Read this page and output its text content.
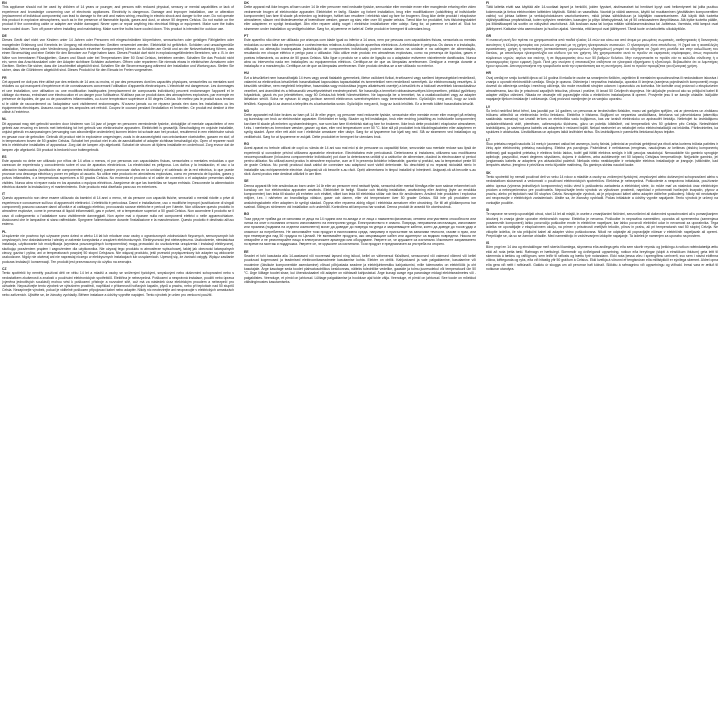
EN
This appliance should not be used by children of 14 years or younger, and persons with reduced physical, sensory or mental capabilities or lack of experience and knowledge concerning use of electronic appliances. Electricity is dangerous. Damage and improper installation, use or alteration (replacement of individual components) can lead to damage to the unit and mains wiring, resulting in electric shock and danger to the user. Do not operate this product in explosive atmospheres, such as in the presence of flammable liquids, gases and dust, or above 50 degrees Celsius. Do not switch on the product if the connecting cable or adapter are visible damaged. Never open or repair anything into electrical fittings or equipment. Make sure the bulbs have cooled down. Turn off power when installing and maintaining. Make sure the bulbs have cooled down. This product is intended for outdoor use.
DE
Dieses Gerät darf nicht von Kindern unter 14 Jahren oder Personen mit eingeschränkten körperlichen, sensorischen oder geistigen Fähigkeiten oder mangelnder Erfahrung und Kenntnis im Umgang mit elektronischen Geräten verwendet werden. Elektrizität ist gefährlich. Schäden und unsachgemäße Installation, Verwendung oder Veränderung (Austausch einzelner Komponenten) können zu Schäden am Gerät und an der Netzverkabelung führen, was einen Stromschlag und eine Gefahr für den Benutzer zur Folge haben kann. Dieses Produkt darf nicht in explosionsgefährdeten Bereichen, wie z. B. in der Nähe von brennbaren Flüssigkeiten, Gasen und Staub oder bei Temperaturen über 50 Grad Celsius, betrieben werden. Schalten Sie das Produkt nicht ein, wenn das Anschlusskabel oder der Adapter sichtbare Schäden aufweisen. Öffnen oder reparieren Sie niemals etwas in elektrischen Armaturen oder Geräten. Stellen Sie sicher, dass die Leuchtmittel abgekühlt sind. Schalten Sie die Stromversorgung während der Installation und Wartung aus. Stellen Sie sicher, dass die Glühbirnen abgekühlt sind. Dieses Produkt ist für den Einsatz im Freien vorgesehen.
FR
Cet appareil ne doit pas être utilisé par des enfants de 14 ans ou moins, ni par des personnes dont les capacités physiques, sensorielles ou mentales sont réduites ou qui manquent d'expérience et de connaissances concernant l'utilisation d'appareils électroniques. L'électricité est dangereuse. Les dommages et une installation, une utilisation ou une modification inadéquates (remplacement de composants individuels) peuvent endommager l'appareil et le câblage du réseau, entraînant une électrocution et un danger pour l'utilisateur. N'utilisez pas ce produit dans des atmosphères explosives, par exemple en présence de liquides, de gaz ou de poussières inflammables, ou à une température supérieure à 50 degrés Celsius. Ne mettez pas le produit sous tension si le câble de raccordement ou l'adaptateur sont visiblement endommagés. N'ouvrez jamais ou ne réparez jamais rien dans les installations ou les équipements électriques. Assurez-vous que les ampoules ont refroidi. Coupez le courant pendant l'installation et l'entretien. Ce produit est destiné à être utilisé à l'extérieur.
NL
Dit apparaat mag niet gebruikt worden door kinderen van 14 jaar of jonger en personen verminderde fysieke, zintuiglijke of mentale capaciteiten of een gebrek aan ervaring en kennis met betrekking tot het gebruik van elektronische apparaten. Elektriciteit is gevaarlijk. Beschadiging en onjuiste installatie, onjuist gebruik en aanpassingen (vervanging van afzonderlijke onderdelen) kunnen leiden tot schade aan het product, resulterend in een elektrische schok en gevaar voor de gebruiker. Gebruik dit product niet in explosieve omgevingen, zoals in de aanwezigheid van ontvlambare vloeistoffen, gassen en stof, of in temperaturen boven de 50 graden Celsius. Schakel het product niet in als de aansluitkabel of adapter zichtbaar beschadigd zijn. Open of repareer nooit iets in elektrische installaties of apparatuur. Zorg dat de lampen zijn afgekoeld. Schakel de stroom uit tijdens installatie en onderhoud. Zorg ervoor dat de lampen zijn afgekoeld. Dit product is bedoeld voor buitengebruik.
ES
Este aparato no debe ser utilizado por niños de 14 años o menos, ni por personas con capacidades físicas, sensoriales o mentales reducidas o que carezcan de experiencia y conocimiento sobre el uso de aparatos electrónicos. La electricidad es peligrosa. Los daños y la instalación, el uso o la alteración inadecuados (sustitución de componentes individuales) pueden provocar daños en la unidad y el cableado de la red eléctrica, lo que puede provocar una descarga eléctrica y poner en peligro al usuario. No utilice este producto en atmósferas explosivas, como en presencia de líquidos, gases y polvos inflamables, o a temperaturas superiores a 50 grados Celsius. No encienda el producto si el cable de conexión o el adaptador presentan daños visibles. Nunca abra ni repare nada en los aparatos o equipos eléctricos. Asegúrese de que las bombillas se hayan enfriado. Desconecte la alimentación eléctrica durante la instalación y el mantenimiento. Este producto está diseñado para uso en exteriores.
IT
Questo apparecchio non deve essere utilizzato da bambini di 14 anni o meno, né da persone con capacità fisiche, sensoriali o mentali ridotte o prive di esperienza e conoscenze sull'uso di apparecchi elettronici. L'elettricità è pericolosa. Danni e installazione, uso o modifiche impropri (sostituzione di singoli componenti) possono causare danni all'unità e al cablaggio elettrico, provocando scosse elettriche e pericoli per l'utente. Non utilizzare questo prodotto in atmosfere esplosive, come in presenza di liquidi infiammabili, gas e polveri, né a temperature superiori a 50 gradi Celsius. Non accendere il prodotto se il cavo di collegamento o l'adattatore sono visibilmente danneggiati. Non aprire mai o riparare nulla nei componenti elettrici o nelle apparecchiature. Assicurarsi che le lampadine si siano raffreddate. Spegnere l'alimentazione durante l'installazione e la manutenzione. Questo prodotto è destinato all'uso esterno.
PL
Urządzenie nie powinno być używane przez dzieci w wieku 14 lat lub młodsze oraz osoby o ograniczonych zdolnościach fizycznych, sensorycznych lub umysłowych, bez doświadczenia i wiedzy w zakresie korzystania z urządzeń elektronicznych. Elektryczność jest niebezpieczna. Uszkodzenie, niewłaściwa instalacja, użytkowanie lub modyfikacja (wymiana poszczególnych komponentów) mogą prowadzić do uszkodzenia urządzenia i instalacji elektrycznej, skutkując porażeniem prądem i zagrożeniem dla użytkownika. Nie używaj tego produktu w atmosferze wybuchowej, takiej jak obecność łatwopalnych cieczy, gazów i pyłów, ani w temperaturach powyżej 50 stopni Celsjusza. Nie włączaj produktu, jeśli przewód przyłączeniowy lub adapter są widocznie uszkodzone. Nigdy nie otwieraj ani nie naprawiaj niczego w elektrycznych instalacjach lub urządzeniach. Upewnij się, że żarówki ostygły. Wyłącz zasilanie podczas instalacji i konserwacji. Ten produkt jest przeznaczony do użytku na zewnątrz.
CZ
Tento spotřebič by neměly používat děti ve věku 14 let a mladší a osoby se sníženými fyzickými, smyslovými nebo duševními schopnostmi nebo s nedostatkem zkušeností a znalostí o používání elektronických spotřebičů. Elektřina je nebezpečná. Poškození a nesprávná instalace, použití nebo úprava (výměna jednotlivých součástí) mohou vést k poškození přístroje a rozvodné sítě, což má za následek úraz elektrickým proudem a nebezpečí pro uživatele. Nepoužívejte tento výrobek ve výbušném prostředí, například v přítomnosti hořlavých kapalin, plynů a prachu, nebo při teplotách nad 50 stupňů Celsia. Nezapínejte výrobek, pokud je viditelně poškozen připojovací kabel nebo adaptér. Nikdy nic neotevírejte ani neopravujte v elektrických armaturách nebo zařízeních. Ujistěte se, že žárovky vychladly. Během instalace a údržby vypněte napájení. Tento výrobek je určen pro venkovní použití.
DK
Dette apparat må ikke bruges af børn under 14 år eller personer med nedsatte fysiske, sensoriske eller mentale evner eller manglende erfaring eller viden vedrørende brugen af elektroniske apparater. Elektricitet er farlig. Skader og forkert installation, brug eller modifikationer (udskiftning af individuelle komponenter) kan føre til skade på enheden og ledninger, hvilket kan resultere i elektrisk stød og fare for brugeren. Brug ikke dette produkt i eksplosive atmosfærer, såsom ved tilstedeværelse af brændbare væsker, gasser og støv, eller over 50 grader celsius. Tænd ikke for produktet, hvis tilslutningskablet eller adapteren er synligt beskadiget. Åbn eller reparer aldrig noget i elektriske installationer eller udstyr. Sørg for, at pærerne er kølet af. Sluk for strømmen under installation og vedligeholdelse. Sørg for, at pærerne er kølet af. Dette produkt er beregnet til udendørs brug.
PT
Este aparelho não deve ser utilizado por crianças com idade igual ou inferior a 14 anos, nem por pessoas com capacidades físicas, sensoriais ou mentais reduzidas ou sem falta de experiência e conhecimentos relativos à utilização de aparelhos eletrónicos. A eletricidade é perigosa. Os danos e a instalação, utilização ou alteração inadequadas (substituição de componentes individuais) podem causar danos na unidade e na cablagem de alimentação, resultando em choque elétrico e perigo para o utilizador. Não utilize este produto em atmosferas explosivas, como na presença de líquidos, gases e poeiras inflamáveis, ou acima de 50 graus Celsius. Não ligue o produto se o cabo de ligação ou o adaptador estiverem visivelmente danificados. Nunca abra ou intervenha nada em instalações ou equipamentos elétricos. Certifique-se de que as lâmpadas arrefeceram. Desligue a energia durante a instalação e a manutenção. Certifique-se de que as lâmpadas arrefeceram. Este produto destina-se a ser utilizado no exterior.
HU
Ezt a készüléket nem használhatják 14 éves vagy annál fiatalabb gyermekek, illetve csökkent fizikai, érzékszervi vagy szellemi képességekkel rendelkező, valamint az elektronikus készülékek használatával kapcsolatos tapasztalattal és ismeretekkel nem rendelkező személyek. Az elektromosság veszélyes. A készülék sérülése, nem megfelelő telepítése, használata vagy módosítása (egyes alkatrészek cseréje) a készülék és a hálózati vezetékek károsodásához vezethet, ami áramütést és a felhasználó veszélyeztetését eredményezheti. Ne használja a terméket robbanásveszélyes környezetben, például gyúlékony folyadékok, gázok és por jelenlétében, vagy 50 Celsius-fok feletti hőmérsékleten. Ne kapcsolja be a terméket, ha a csatlakozókábel vagy az adapter láthatóan sérült. Soha ne nyisson ki vagy javítson semmit elektromos szerelvényekben vagy berendezésekben. Győződjön meg arról, hogy az izzók lehűltek. Kapcsolja ki az áramot a telepítés és a karbantartás során. Győződjön meg arról, hogy az izzók lehűltek. Ez a termék kültéri használatra készült.
NO
Dette apparatet må ikke brukes av barn på 14 år eller yngre, og personer med reduserte fysiske, sensoriske eller mentale evner eller mangel på erfaring og kunnskap om bruk av elektroniske apparater. Elektrisitet er farlig. Skader og feil installasjon, bruk eller endring (utskifting av individuelle komponenter) kan føre til skade på enheten og strømledningen, noe som kan føre til elektrisk støt og fare for brukeren. Ikke bruk dette produktet i eksplosive atmosfærer, f.eks. i nærheten av brennbare væsker, gasser og støv, eller ved temperaturer over 50 °C. Ikke slå på produktet hvis tilkoblingskabelen eller adapteren er synlig skadet. Åpne eller rett aldri noe i elektriske armaturer eller utstyr. Sørg for at lyspærene har kjølt seg ned. Slå av strømmen ved installasjon og vedlikehold. Sørg for at lyspærene er avkjølt. Dette produktet er beregnet for utendørs bruk.
RO
Acest aparat nu trebuie utilizat de copii cu vârsta de 14 ani sau mai mici și de persoane cu capacități fizice, senzoriale sau mentale reduse sau lipsă de experiență și cunoștințe privind utilizarea aparatelor electronice. Electricitatea este periculoasă. Deteriorarea și instalarea, utilizarea sau modificarea necorespunzătoare (înlocuirea componentelor individuale) pot duce la deteriorarea unității și a cablurilor de alimentare, ducând la electrocutare și pericol pentru utilizator. Nu utilizați acest produs în atmosfere explozive, cum ar fi în prezența lichidelor inflamabile, gazelor și prafului, sau la temperaturi peste 50 de grade Celsius. Nu porniți produsul dacă cablul de conectare sau adaptorul sunt vizibil deteriorate. Nu deschideți și nu reparați niciodată nimic în instalațiile sau echipamentele electrice. Asigurați-vă că becurile s-au răcit. Opriți alimentarea în timpul instalării și întreținerii. Asigurați-vă că becurile s-au răcit. Acest produs este destinat utilizării în aer liber.
SE
Denna apparat får inte användas av barn under 14 år eller av personer med nedsatt fysisk, sensorisk eller mental förmåga eller som saknar erfarenhet och kunskap om hur elektroniska apparater används. Elektricitet är farligt. Skador och felaktig installation, användning eller ändring (byte av enskilda komponenter) kan leda till skador på enheten och elnätet, vilket kan leda till elektriska stötar och fara för användaren. Använd inte produkten i explosiva miljöer, t.ex. i närheten av brandfarliga vätskor, gaser och damm, eller vid temperaturer över 50 grader Celsius. Slå inte på produkten om anslutningskabeln eller adaptern är synligt skadad. Öppna eller reparera aldrig något i elektriska armaturer eller utrustning. Se till att glödlamporna har svalnat. Stäng av strömmen vid installation och underhåll. Kontrollera att lamporna har svalnat. Denna produkt är avsedd för utomhusbruk.
BG
Този уред не трябва да се използва от деца на 14 години или по-млади и от лица с намалени физически, сетивни или умствени способности или липса на опит и познания относно използването на електронни уреди. Електричеството е опасно. Повреда, неправилна инсталация, използване или промяна (подмяна на отделни компоненти) могат да доведат до повреда на уреда и захранващите кабели, което да доведе до токов удар и опасност за потребителя. Не използвайте този продукт в експлозивна среда, например в присъствие на запалими течности, газове и прах, или при температура над 50 градуса по Целзий. Не включвайте продукта, ако свързващият кабел или адаптерът са видимо повредени. Никога не отваряйте и не ремонтирайте нищо в електрическите арматури или оборудване. Уверете се, че крушките са изстинали. Изключете захранването по време на монтаж и поддръжка. Уверете се, че крушките са изстинали. Този продукт е предназначен за употреба на открито.
EE
Seadet ei tohi kasutada alla 14-aastased või nooremad lapsed ning isikud, kellel on vähenenud füüsilised, sensoorsed või vaimsed võimed või kellel puuduvad kogemused ja teadmised elektroonikaseadmete kasutamise kohta. Elekter on ohtlik. Kahjustused ja vale paigaldamine, kasutamine või muutmine (üksikute komponentide asendamine) võivad põhjustada seadme ja elektrijuhtmestiku kahjustumist, mille tulemuseks on elektrilöök ja oht kasutajale. Ärge kasutage seda toodet plahvatusohtlikus keskkonnas, näiteks tuleohtlike vedelike, gaaside ja tolmu juuresolekul või temperatuuril üle 50 °C. Ärge lülitage toodet sisse, kui ühenduskaabel või adapter on nähtavalt kahjustatud. Ärge kunagi avage ega parandage midagi elektriseadmetes või -paigaldistes. Veenduge, et pirnid on jahtunud. Lülitage paigaldamise ja hoolduse ajal toide välja. Veenduge, et pirnid on jahtunud. See toode on mõeldud välistingimustes kasutamiseks.
FI
Tätä laitetta eivät saa käyttää alle 14-vuotiaat lapset ja henkilöt, joiden fyysiset, aistinvaraiset tai henkiset kyvyt ovat heikentyneet tai joilta puuttuu kokemusta ja tietoa elektronisten laitteiden käytöstä. Sähkö on vaarallista. Vaurioit ja väärä asennus, käyttö tai muuttaminen (yksittäisten komponenttien vaihto) voi johtaa laitteen ja verkkojohdotuksen vaurioitumiseen, mikä johtaa sähköiskuun ja käyttäjän vaarantumiseen. Älä käytä tätä tuotetta räjähdysalttiissa ympäristössä, kuten syttyvien nesteiden, kaasujen ja pölyn läheisyydessä, tai yli 50 celsiusasteen lämpötilassa. Älä kytke tuotetta päälle, jos liitäntäkaapeli tai sovitin on näkyvästi vaurioitunut. Älä koskaan avaa tai korjaa mitään sähköasennuksissa tai -laitteissa. Varmista, että lamput ovat jäähtyneet. Katkaise virta asennuksen ja huollon ajaksi. Varmista, että lamput ovat jäähtyneet. Tämä tuote on tarkoitettu ulkokäyttöön.
GR
Η συσκευή αυτή δεν πρέπει να χρησιμοποιείται από παιδιά ηλικίας 14 ετών και κάτω και από άτομα με μειωμένες σωματικές, αισθητηριακές ή διανοητικές ικανότητες ή έλλειψη εμπειρίας και γνώσεων σχετικά με τη χρήση ηλεκτρονικών συσκευών. Ο ηλεκτρισμός είναι επικίνδυνος. Η ζημιά και η ακατάλληλη εγκατάσταση, χρήση ή τροποποίηση (αντικατάσταση μεμονωμένων εξαρτημάτων) μπορεί να οδηγήσει σε ζημιά στη μονάδα και στην καλωδίωση του δικτύου, με αποτέλεσμα ηλεκτροπληξία και κίνδυνο για τον χρήστη. Μη χρησιμοποιείτε αυτό το προϊόν σε εκρηκτικές ατμόσφαιρες, όπως παρουσία εύφλεκτων υγρών, αερίων και σκόνης, ή σε θερμοκρασίες άνω των 50 βαθμών Κελσίου. Μην ενεργοποιείτε το προϊόν εάν το καλώδιο σύνδεσης ή ο προσαρμογέας έχουν εμφανή ζημιά. Ποτέ μην ανοίγετε ή επισκευάζετε οτιδήποτε σε ηλεκτρικά εξαρτήματα ή εξοπλισμό. Βεβαιωθείτε ότι οι λαμπτήρες έχουν κρυώσει. Απενεργοποιήστε την τροφοδοσία κατά την εγκατάσταση και τη συντήρηση. Αυτό το προϊόν προορίζεται για εξωτερική χρήση.
HR
Ovaj uređaj ne smiju koristiti djeca od 14 godina ili mlađa te osobe sa smanjenim fizičkim, osjetilnim ili mentalnim sposobnostima ili nedostatkom iskustva i znanja o uporabi elektroničkih uređaja. Struja je opasna. Oštećenja i nepravilna instalacija, uporaba ili izmjena (zamjena pojedinačnih komponenti) mogu dovesti do oštećenja uređaja i mrežnog ožičenja, što može rezultirati strujnim udarom i opasnošću za korisnika. Ne koristite ovaj proizvod u eksplozivnim atmosferama, kao što je prisutnost zapaljivih tekućina, plinova i prašine, ili iznad 50 Celzijevih stupnjeva. Ne uključujte proizvod ako su priključni kabel ili adapter vidljivo oštećeni. Nikada ne otvarajte niti popravljajte ništa u električnim instalacijama ili opremi. Provjerite jesu li se žarulje ohladile. Isključite napajanje tijekom instalacije i održavanja. Ovaj proizvod namijenjen je za vanjsku uporabu.
LV
Šo ierīci nedrīkst lietot bērni, kas jaunāki par 14 gadiem, un personas ar ierobežotām fiziskām, maņu vai garīgām spējām, vai ar pieredzes un zināšanu trūkumu attiecībā uz elektronisko ierīču lietošanu. Elektrība ir bīstama. Bojājumi un nepareiza uzstādīšana, lietošana vai pārveidošana (atsevišķu sastāvdaļu nomaiņa) var izraisīt ierīces un elektrotīkla vadu bojājumus, kas var izraisīt elektrošoku un apdraudēt lietotāju. Nelietojiet šo izstrādājumu sprādzienbīstamā vidē, piemēram, uzliesmojošu šķidrumu, gāzu un putekļu klātbūtnē, vai temperatūrā virs 50 grādiem pēc Celsija. Neieslēdziet izstrādājumu, ja savienojuma kabelis vai adapteris ir redzami bojāti. Nekad neatveriet un nelabojiet neko elektroinstalācijā vai iekārtās. Pārliecinieties, ka spuldzes ir atdzisušas. Uzstādīšanas un apkopes laikā izslēdziet strāvu. Šis izstrādājums ir paredzēts lietošanai ārpus telpām.
LT
Šiuo prietaisu negali naudotis 14 metų ir jaunesni vaikai bei asmenys, kurių fiziniai, jutiminiai ar protiniai gebėjimai yra riboti arba kuriems trūksta patirties ir žinių apie elektroninių prietaisų naudojimą. Elektra yra pavojinga. Pažeidimai ir netinkamas įrengimas, naudojimas ar keitimas (atskirų komponentų keitimas) gali sugadinti prietaisą ir elektros tinklo laidus, todėl gali ištikti elektros smūgis ir kilti pavojus naudotojui. Nenaudokite šio gaminio sprogioje aplinkoje, pavyzdžiui, esant degiems skysčiams, dujoms ir dulkėms, arba aukštesnėje nei 50 laipsnių Celsijaus temperatūroje. Neįjunkite gaminio, jei jungiamasis kabelis ar adapteris yra akivaizdžiai pažeisti. Niekada nieko neatidarykite ir netaisykite elektros instaliacijoje ar įrangoje. Įsitikinkite, kad lemputės atvėso. Įrengimo ir priežiūros metu išjunkite maitinimą. Šis gaminys skirtas naudoti lauke.
SK
Tento spotrebič by nemali používať deti vo veku 14 rokov a mladšie a osoby so zníženými fyzickými, zmyslovými alebo duševnými schopnosťami alebo s nedostatkom skúseností a vedomostí o používaní elektronických spotrebičov. Elektrina je nebezpečná. Poškodenie a nesprávna inštalácia, používanie alebo úprava (výmena jednotlivých komponentov) môžu viesť k poškodeniu zariadenia a elektrickej siete, čo môže mať za následok úraz elektrickým prúdom a nebezpečenstvo pre používateľa. Nepoužívajte tento výrobok vo výbušnom prostredí, napríklad v prítomnosti horľavých kvapalín, plynov a prachu, alebo pri teplotách nad 50 stupňov Celzia. Nezapínajte výrobok, ak je pripojovací kábel alebo adaptér viditeľne poškodený. Nikdy nič neotvárajte ani neopravujte v elektrických zariadeniach. Uistite sa, že žiarovky vychladli. Počas inštalácie a údržby vypnite napájanie. Tento výrobok je určený na vonkajšie použitie.
SI
Te naprave ne smejo uporabljati otroci, stari 14 let ali mlajši, in osebe z zmanjšanimi fizičnimi, senzoričnimi ali duševnimi sposobnostmi ali s pomanjkanjem izkušenj in znanja glede uporabe elektronskih naprav. Elektrika je nevarna. Poškodbe in nepravilna namestitev, uporaba ali sprememba (zamenjava posameznih komponent) lahko povzročijo poškodbe enote in električne napeljave, kar lahko povzroči električni udar in nevarnost za uporabnika. Tega izdelka ne uporabljajte v eksplozivnem okolju, na primer v prisotnosti vnetljivih tekočin, plinov in prahu, ali pri temperaturah nad 50 stopinj Celzija. Ne vklopite izdelka, če sta priključni kabel ali adapter vidno poškodovana. Nikoli ne odpirajte ali popravljajte ničesar v električnih napeljavah ali opremi. Prepričajte se, da so se žarnice ohladile. Med namestitvijo in vzdrževanjem izklopite napajanje. Ta izdelek je namenjen za uporabo na prostem.
IS
Börn yngri en 14 ára og einstaklingar með skerta líkamlega, skynræna eða andlega getu eða sem skortir reynslu og þekkingu á notkun rafeindatækja ættu ekki að nota þetta tæki. Rafmagn er hættulegt. Skemmdir og óviðeigandi uppsetning, notkun eða breytingar (skipti á einstökum íhlutum) geta leitt til skemmda á tækinu og raflögnum, sem leiðir til raflosts og hættu fyrir notandann. Ekki nota þessa vöru í sprengifimu umhverfi, svo sem í návist eldfimra vökva, lofttegunda og ryks, eða við hitastig yfir 50 gráðum á Celsíus. Ekki kveikja á vörunni ef tengisnúran eða millistykkið er sýnilega skemmt. Aldrei opna eða gera við neitt í rafbúnaði. Gakktu úr skugga um að perurnar hafi kólnað. Slökktu á rafmagninu við uppsetningu og viðhald. Þessi vara er ætluð til notkunar utandyra.
